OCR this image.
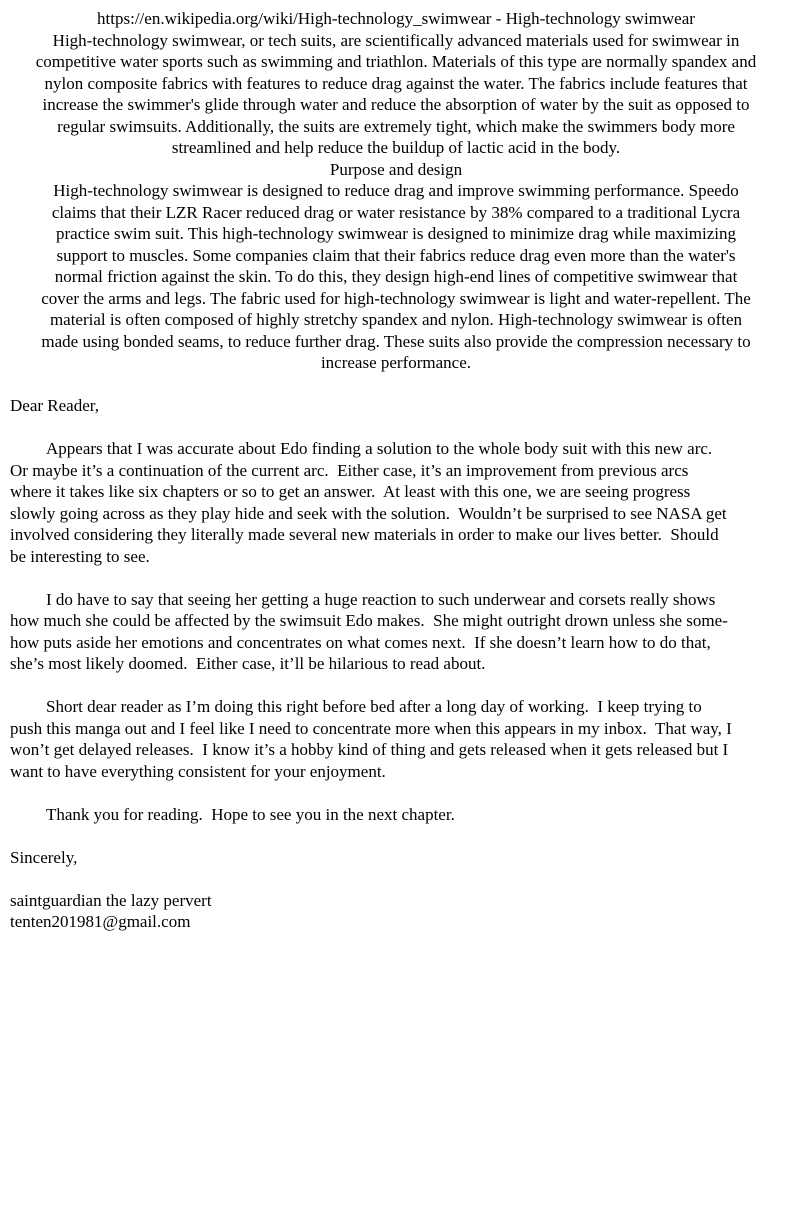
https://en.wikipedia.org/wiki/High-technology_swimwear - High-technology swimwear
High-technology swimwear, or tech suits, are scientifically advanced materials used for swimwear in
competitive water sports such as swimming and triathlon. Materials of this type are normally spandex and
nylon composite fabrics with features to reduce drag against the water. The fabrics include features that
increase the swimmer's glide through water and reduce the absorption of water by the suit as opposed to
regular swimsuits. Additionally, the suits are extremely tight, which make the swimmers body more
streamlined and help reduce the buildup of lactic acid in the body.
Purpose and design
High-technology swimwear is designed to reduce drag and improve swimming performance. Speedo
claims that their LZR Racer reduced drag or water resistance by 38% compared to a traditional Lycra
practice swim suit. This high-technology swimwear is designed to minimize drag while maximizing
support to muscles. Some companies claim that their fabrics reduce drag even more than the water's
normal friction against the skin. To do this, they design high-end lines of competitive swimwear that
cover the arms and legs. The fabric used for high-technology swimwear is light and water-repellent. The
material is often composed of highly stretchy spandex and nylon. High-technology swimwear is often
made using bonded seams, to reduce further drag. These suits also provide the compression necessary to
increase performance.
Dear Reader,
Appears that I was accurate about Edo finding a solution to the whole body suit with this new arc.
Or maybe it’s a continuation of the current arc.  Either case, it’s an improvement from previous arcs
where it takes like six chapters or so to get an answer.  At least with this one, we are seeing progress
slowly going across as they play hide and seek with the solution.  Wouldn’t be surprised to see NASA get
involved considering they literally made several new materials in order to make our lives better.  Should
be interesting to see.
I do have to say that seeing her getting a huge reaction to such underwear and corsets really shows
how much she could be affected by the swimsuit Edo makes.  She might outright drown unless she some-
how puts aside her emotions and concentrates on what comes next.  If she doesn’t learn how to do that,
she’s most likely doomed.  Either case, it’ll be hilarious to read about.
Short dear reader as I’m doing this right before bed after a long day of working.  I keep trying to
push this manga out and I feel like I need to concentrate more when this appears in my inbox.  That way, I
won’t get delayed releases.  I know it’s a hobby kind of thing and gets released when it gets released but I
want to have everything consistent for your enjoyment.
Thank you for reading.  Hope to see you in the next chapter.
Sincerely,
saintguardian the lazy pervert
tenten201981@gmail.com
